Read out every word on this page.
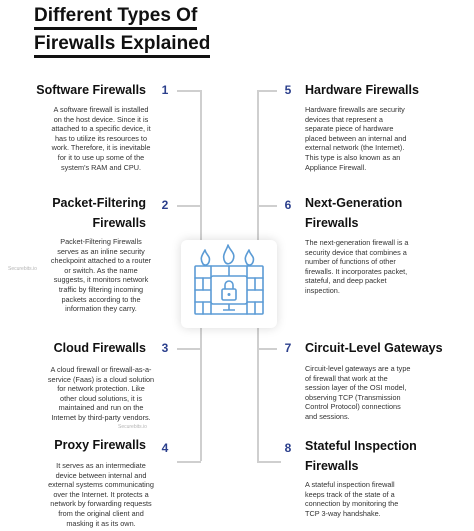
Different Types Of
Firewalls Explained
Software Firewalls	1
A software firewall is installed
on the host device. Since it is
attached to a specific device, it
has to utilize its resources to
work. Therefore, it is inevitable
for it to use up some of the
system's RAM and CPU.
Packet-Filtering
Firewalls
2
Packet-Filtering Firewalls
serves as an inline security
checkpoint attached to a router
or switch. As the name
suggests, it monitors network
traffic by filtering incoming
packets according to the
information they carry.
Cloud Firewalls	3
A cloud firewall or firewall-as-a-
service (Faas) is a cloud solution
for network protection. Like
other cloud solutions, it is
maintained and run on the
Internet by third-party vendors.
Proxy Firewalls	4
It serves as an intermediate
device between internal and
external systems communicating
over the Internet. It protects a
network by forwarding requests
from the original client and
masking it as its own.
5	Hardware Firewalls
Hardware firewalls are security
devices that represent a
separate piece of hardware
placed between an internal and
external network (the Internet).
This type is also known as an
Appliance Firewall.
6	Next-Generation
Firewalls
The next-generation firewall is a
security device that combines a
number of functions of other
firewalls. It incorporates packet,
stateful, and deep packet
inspection.
7	Circuit-Level Gateways
Circuit-level gateways are a type
of firewall that work at the
session layer of the OSI model,
observing TCP (Transmission
Control Protocol) connections
and sessions.
8	Stateful Inspection
Firewalls
A stateful inspection firewall
keeps track of the state of a
connection by monitoring the
TCP 3-way handshake.
Securebits.io
Securebits.io
